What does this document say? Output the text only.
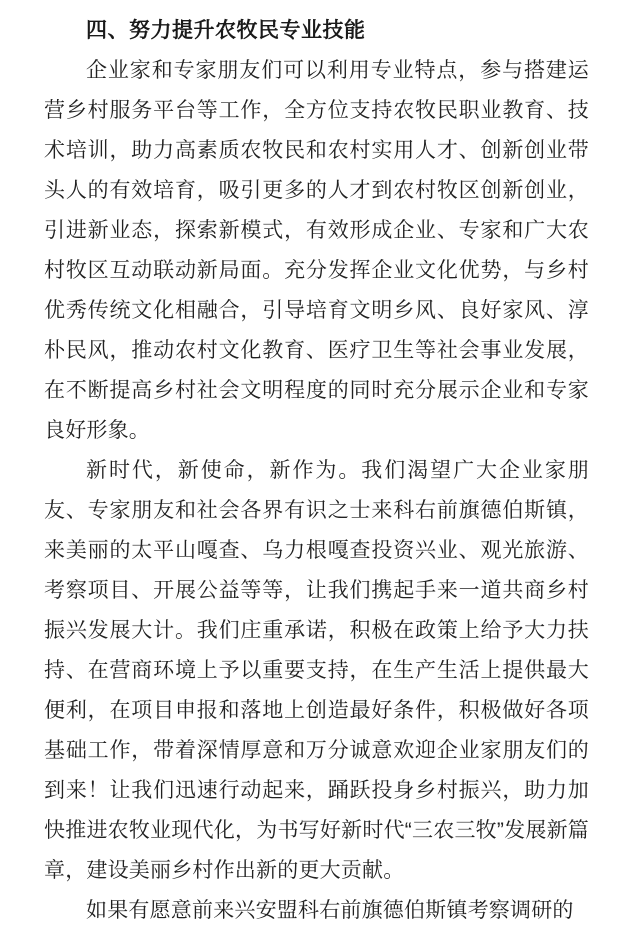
四、努力提升农牧民专业技能

企业家和专家朋友们可以利用专业特点，参与搭建运营乡村服务平台等工作，全方位支持农牧民职业教育、技术培训，助力高素质农牧民和农村实用人才、创新创业带头人的有效培育，吸引更多的人才到农村牧区创新创业，引进新业态，探索新模式，有效形成企业、专家和广大农村牧区互动联动新局面。充分发挥企业文化优势，与乡村优秀传统文化相融合，引导培育文明乡风、良好家风、淳朴民风，推动农村文化教育、医疗卫生等社会事业发展，在不断提高乡村社会文明程度的同时充分展示企业和专家良好形象。

新时代，新使命，新作为。我们渴望广大企业家朋友、专家朋友和社会各界有识之士来科右前旗德伯斯镇，来美丽的太平山嘎查、乌力根嘎查投资兴业、观光旅游、考察项目、开展公益等等，让我们携起手来一道共商乡村振兴发展大计。我们庄重承诺，积极在政策上给予大力扶持、在营商环境上予以重要支持，在生产生活上提供最大便利，在项目申报和落地上创造最好条件，积极做好各项基础工作，带着深情厚意和万分诚意欢迎企业家朋友们的到来！让我们迅速行动起来，踊跃投身乡村振兴，助力加快推进农牧业现代化，为书写好新时代“三农三牧”发展新篇章，建设美丽乡村作出新的更大贡献。

如果有愿意前来兴安盟科右前旗德伯斯镇考察调研的
